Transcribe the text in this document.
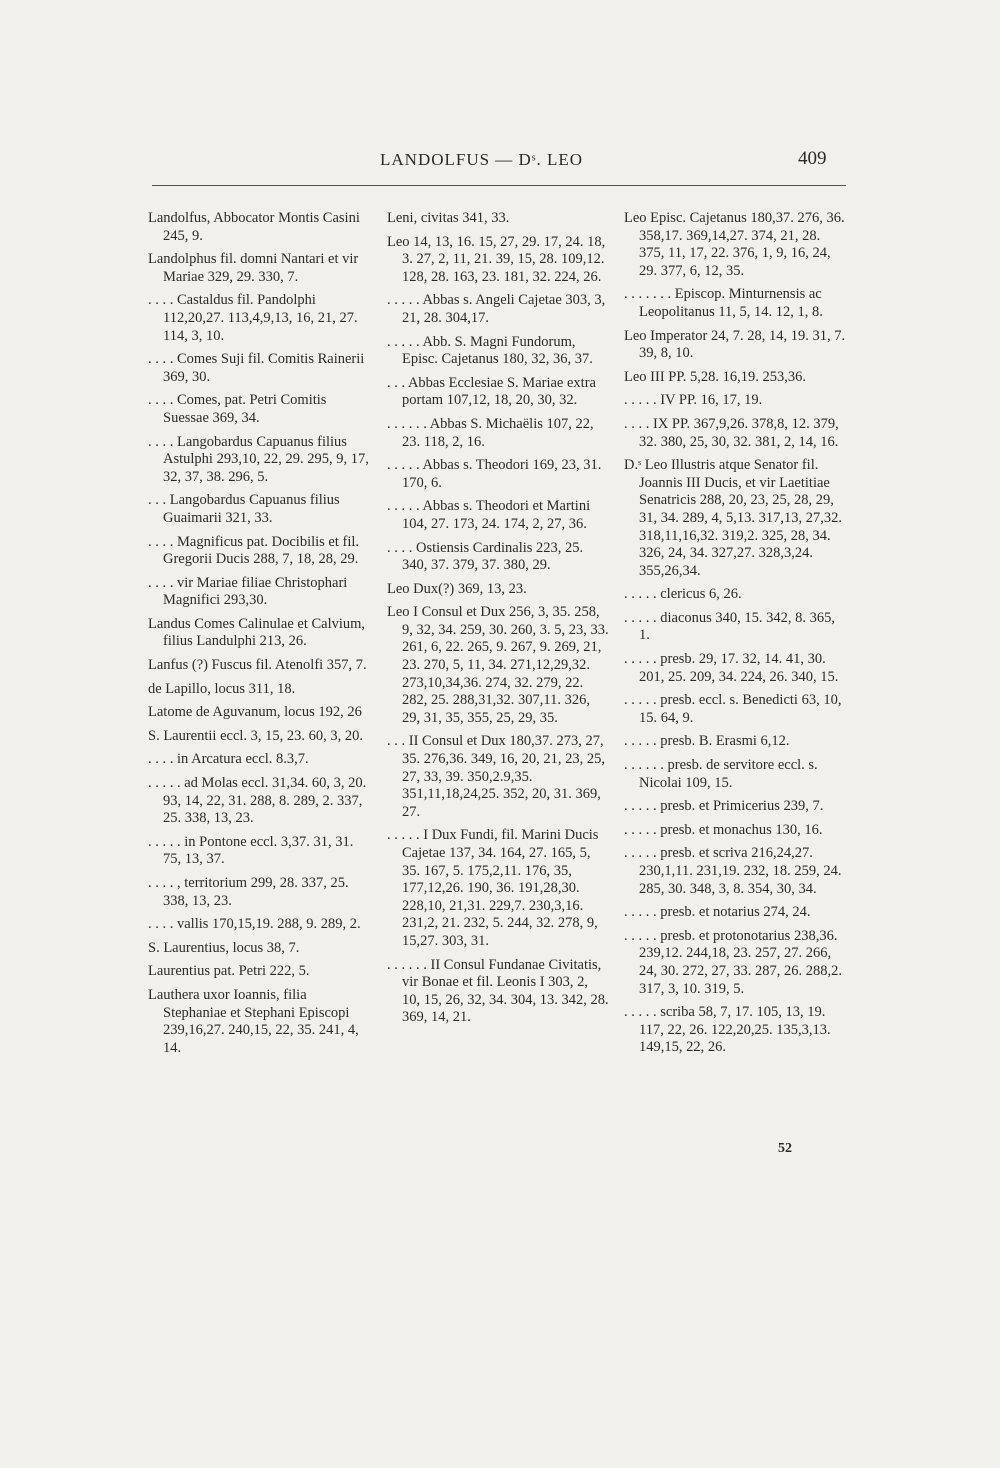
LANDOLFUS — Dˢ. LEO	409

Landolfus, Abbocator Montis Casini 245, 9.

Landolphus fil. domni Nantari et vir Mariae 329, 29. 330, 7.

. . . . Castaldus fil. Pandolphi 112,20,27. 113,4,9,13, 16, 21, 27. 114, 3, 10.

. . . . Comes Suji fil. Comitis Rainerii 369, 30.

. . . . Comes, pat. Petri Comitis Suessae 369, 34.

. . . . Langobardus Capuanus filius Astulphi 293,10, 22, 29. 295, 9, 17, 32, 37, 38. 296, 5.

. . . Langobardus Capuanus filius Guaimarii 321, 33.

. . . . Magnificus pat. Docibilis et fil. Gregorii Ducis 288, 7, 18, 28, 29.

. . . . vir Mariae filiae Christophari Magnifici 293,30.

Landus Comes Calinulae et Calvium, filius Landulphi 213, 26.

Lanfus (?) Fuscus fil. Atenolfi 357, 7.

de Lapillo, locus 311, 18.

Latome de Aguvanum, locus 192, 26

S. Laurentii eccl. 3, 15, 23. 60, 3, 20.

. . . . in Arcatura eccl. 8.3,7.

. . . . . ad Molas eccl. 31,34. 60, 3, 20. 93, 14, 22, 31. 288, 8. 289, 2. 337, 25. 338, 13, 23.

. . . . . in Pontone eccl. 3,37. 31, 31. 75, 13, 37.

. . . . , territorium 299, 28. 337, 25. 338, 13, 23.

. . . . vallis 170,15,19. 288, 9. 289, 2.

S. Laurentius, locus 38, 7.

Laurentius pat. Petri 222, 5.

Lauthera uxor Ioannis, filia Stephaniae et Stephani Episcopi 239,16,27. 240,15, 22, 35. 241, 4, 14.

Leni, civitas 341, 33.

Leo 14, 13, 16. 15, 27, 29. 17, 24. 18, 3. 27, 2, 11, 21. 39, 15, 28. 109,12. 128, 28. 163, 23. 181, 32. 224, 26.

. . . . . Abbas s. Angeli Cajetae 303, 3, 21, 28. 304,17.

. . . . . Abb. S. Magni Fundorum, Episc. Cajetanus 180, 32, 36, 37.

. . . Abbas Ecclesiae S. Mariae extra portam 107,12, 18, 20, 30, 32.

. . . . . . Abbas S. Michaëlis 107, 22, 23. 118, 2, 16.

. . . . . Abbas s. Theodori 169, 23, 31. 170, 6.

. . . . . Abbas s. Theodori et Martini 104, 27. 173, 24. 174, 2, 27, 36.

. . . . Ostiensis Cardinalis 223, 25. 340, 37. 379, 37. 380, 29.

Leo Dux(?) 369, 13, 23.

Leo I Consul et Dux 256, 3, 35. 258, 9, 32, 34. 259, 30. 260, 3. 5, 23, 33. 261, 6, 22. 265, 9. 267, 9. 269, 21, 23. 270, 5, 11, 34. 271,12,29,32. 273,10,34,36. 274, 32. 279, 22. 282, 25. 288,31,32. 307,11. 326, 29, 31, 35, 355, 25, 29, 35.

. . . II Consul et Dux 180,37. 273, 27, 35. 276,36. 349, 16, 20, 21, 23, 25, 27, 33, 39. 350,2.9,35. 351,11,18,24,25. 352, 20, 31. 369, 27.

. . . . . I Dux Fundi, fil. Marini Ducis Cajetae 137, 34. 164, 27. 165, 5, 35. 167, 5. 175,2,11. 176, 35, 177,12,26. 190, 36. 191,28,30. 228,10, 21,31. 229,7. 230,3,16. 231,2, 21. 232, 5. 244, 32. 278, 9, 15,27. 303, 31.

. . . . . . II Consul Fundanae Civitatis, vir Bonae et fil. Leonis I 303, 2, 10, 15, 26, 32, 34. 304, 13. 342, 28. 369, 14, 21.

Leo Episc. Cajetanus 180,37. 276, 36. 358,17. 369,14,27. 374, 21, 28. 375, 11, 17, 22. 376, 1, 9, 16, 24, 29. 377, 6, 12, 35.

. . . . . . . Episcop. Minturnensis ac Leopolitanus 11, 5, 14. 12, 1, 8.

Leo Imperator 24, 7. 28, 14, 19. 31, 7. 39, 8, 10.

Leo III PP. 5,28. 16,19. 253,36.

. . . . . IV PP. 16, 17, 19.

. . . . IX PP. 367,9,26. 378,8, 12. 379, 32. 380, 25, 30, 32. 381, 2, 14, 16.

D.ˢ Leo Illustris atque Senator fil. Joannis III Ducis, et vir Laetitiae Senatricis 288, 20, 23, 25, 28, 29, 31, 34. 289, 4, 5,13. 317,13, 27,32. 318,11,16,32. 319,2. 325, 28, 34. 326, 24, 34. 327,27. 328,3,24. 355,26,34.

. . . . . clericus 6, 26.

. . . . . diaconus 340, 15. 342, 8. 365, 1.

. . . . . presb. 29, 17. 32, 14. 41, 30. 201, 25. 209, 34. 224, 26. 340, 15.

. . . . . presb. eccl. s. Benedicti 63, 10, 15. 64, 9.

. . . . . presb. B. Erasmi 6,12.

. . . . . . presb. de servitore eccl. s. Nicolai 109, 15.

. . . . . presb. et Primicerius 239, 7.

. . . . . presb. et monachus 130, 16.

. . . . . presb. et scriva 216,24,27. 230,1,11. 231,19. 232, 18. 259, 24. 285, 30. 348, 3, 8. 354, 30, 34.

. . . . . presb. et notarius 274, 24.

. . . . . presb. et protonotarius 238,36. 239,12. 244,18, 23. 257, 27. 266, 24, 30. 272, 27, 33. 287, 26. 288,2. 317, 3, 10. 319, 5.

. . . . . scriba 58, 7, 17. 105, 13, 19. 117, 22, 26. 122,20,25. 135,3,13. 149,15, 22, 26.

52
